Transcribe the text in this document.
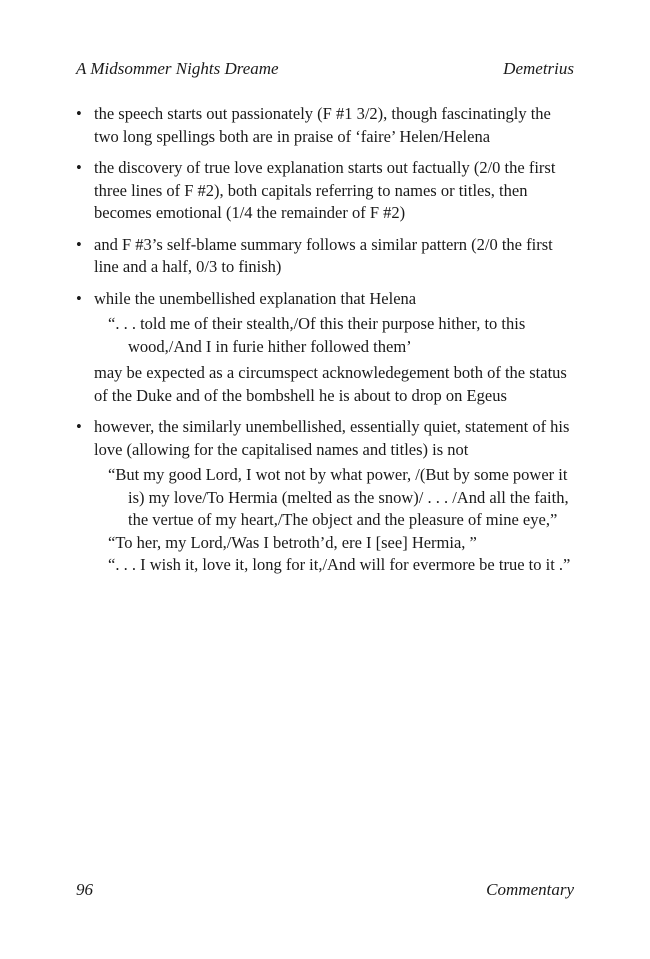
A Midsommer Nights Dreame	Demetrius
• the speech starts out passionately (F #1 3/2), though fascinatingly the two long spellings both are in praise of ‘faire’ Helen/Helena

• the discovery of true love explanation starts out factually (2/0 the first three lines of F #2), both capitals referring to names or titles, then becomes emotional (1/4 the remainder of F #2)

• and F #3’s self-blame summary follows a similar pattern (2/0 the first line and a half, 0/3 to finish)

• while the unembellished explanation that Helena

“. . . told me of their stealth,/Of this their purpose hither, to this wood,/And I in furie hither followed them’

may be expected as a circumspect acknowledegement both of the status of the Duke and of the bombshell he is about to drop on Egeus

• however, the similarly unembellished, essentially quiet, statement of his love (allowing for the capitalised names and titles) is not

“But my good Lord, I wot not by what power, /(But by some power it is) my love/To Hermia (melted as the snow)/ . . . /And all the faith, the vertue of my heart,/The object and the pleasure of mine eye,”

“To her, my Lord,/Was I betroth’d, ere I [see] Hermia, ”

“. . . I wish it, love it, long for it,/And will for evermore be true to it .”

96	Commentary
